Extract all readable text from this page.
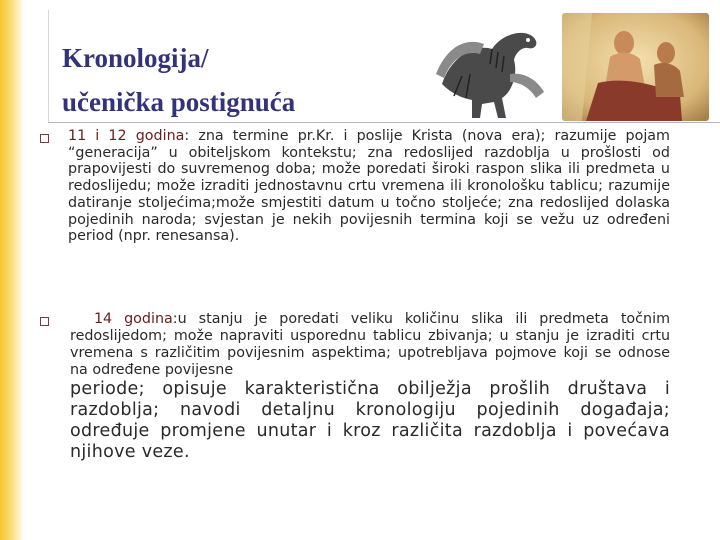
Kronologija/
učenička postignuća

11 i 12 godina: zna termine pr.Kr. i poslije Krista (nova era); razumije pojam “generacija” u obiteljskom kontekstu; zna redoslijed razdoblja u prošlosti od prapovijesti do suvremenog doba; može poredati široki raspon slika ili predmeta u redoslijedu; može izraditi jednostavnu crtu vremena ili kronološku tablicu; razumije datiranje stoljećima;može smjestiti datum u točno stoljeće; zna redoslijed dolaska pojedinih naroda; svjestan je nekih povijesnih termina koji se vežu uz određeni period (npr. renesansa).

14 godina:u stanju je poredati veliku količinu slika ili predmeta točnim redoslijedom; može napraviti usporednu tablicu zbivanja; u stanju je izraditi crtu vremena s različitim povijesnim aspektima; upotrebljava pojmove koji se odnose na određene povijesne

periode; opisuje karakteristična obilježja prošlih društava i razdoblja; navodi detaljnu kronologiju pojedinih događaja; određuje promjene unutar i kroz različita razdoblja i povećava njihove veze.
